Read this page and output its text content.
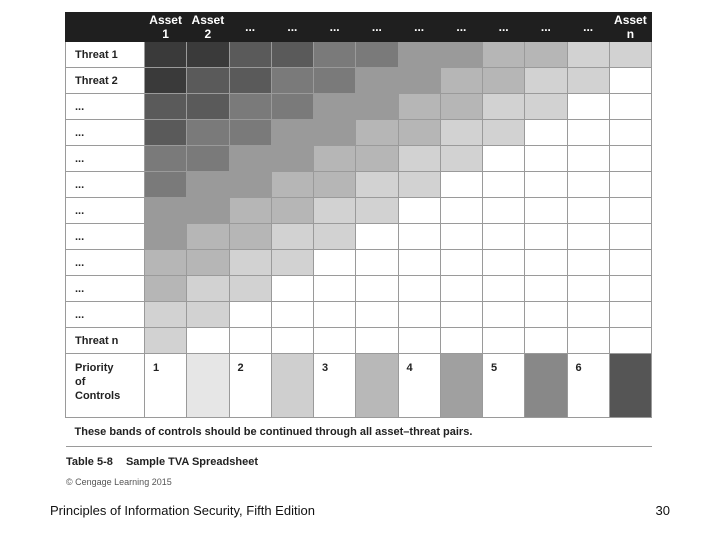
	Asset 1	Asset 2	...	...	...	...	...	...	...	...	...	Asset n
Threat 1												
Threat 2												
...												
...												
...												
...												
...												
...												
...												
...												
...												
Threat n												
Priority
of
Controls	1		2		3		4		5		6	

These bands of controls should be continued through all asset–threat pairs.												
Table 5-8 Sample TVA Spreadsheet
© Cengage Learning 2015
Principles of Information Security, Fifth Edition	30
